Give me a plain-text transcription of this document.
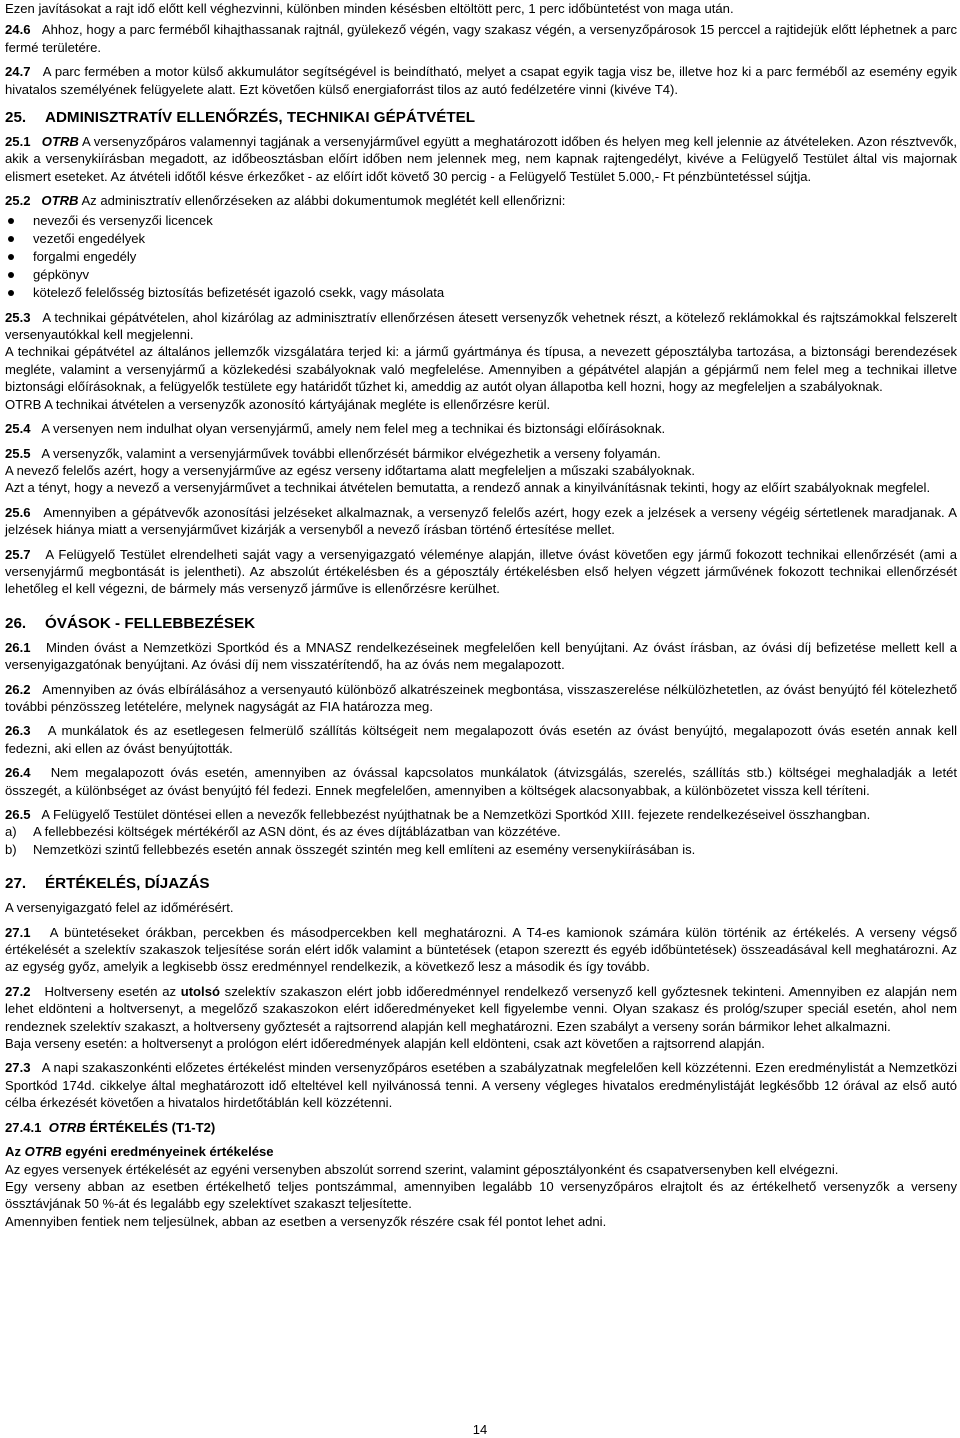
Ezen javításokat a rajt idő előtt kell véghezvinni, különben minden késésben eltöltött perc, 1 perc időbüntetést von maga után.

24.6 Ahhoz, hogy a parc ferméből kihajthassanak rajtnál, gyülekező végén, vagy szakasz végén, a versenyzőpárosok 15 perccel a rajtidejük előtt léphetnek a parc fermé területére.

24.7 A parc fermében a motor külső akkumulátor segítségével is beindítható, melyet a csapat egyik tagja visz be, illetve hoz ki a parc ferméből az esemény egyik hivatalos személyének felügyelete alatt. Ezt követően külső energiaforrást tilos az autó fedélzetére vinni (kivéve T4).

25. ADMINISZTRATÍV ELLENŐRZÉS, TECHNIKAI GÉPÁTVÉTEL

25.1 OTRB A versenyzőpáros valamennyi tagjának a versenyjárművel együtt a meghatározott időben és helyen meg kell jelennie az átvételeken. Azon résztvevők, akik a versenykiírásban megadott, az időbeosztásban előírt időben nem jelennek meg, nem kapnak rajtengedélyt, kivéve a Felügyelő Testület által vis majornak elismert eseteket. Az átvételi időtől késve érkezőket - az előírt időt követő 30 percig - a Felügyelő Testület 5.000,- Ft pénzbüntetéssel sújtja.

25.2 OTRB Az adminisztratív ellenőrzéseken az alábbi dokumentumok meglétét kell ellenőrizni:

nevezői és versenyzői licencek
vezetői engedélyek
forgalmi engedély
gépkönyv
kötelező felelősség biztosítás befizetését igazoló csekk, vagy másolata

25.3 A technikai gépátvételen, ahol kizárólag az adminisztratív ellenőrzésen átesett versenyzők vehetnek részt, a kötelező reklámokkal és rajtszámokkal felszerelt versenyautókkal kell megjelenni.

A technikai gépátvétel az általános jellemzők vizsgálatára terjed ki: a jármű gyártmánya és típusa, a nevezett géposztályba tartozása, a biztonsági berendezések megléte, valamint a versenyjármű a közlekedési szabályoknak való megfelelése. Amennyiben a gépátvétel alapján a gépjármű nem felel meg a technikai illetve biztonsági előírásoknak, a felügyelők testülete egy határidőt tűzhet ki, ameddig az autót olyan állapotba kell hozni, hogy az megfeleljen a szabályoknak.

OTRB A technikai átvételen a versenyzők azonosító kártyájának megléte is ellenőrzésre kerül.

25.4 A versenyen nem indulhat olyan versenyjármű, amely nem felel meg a technikai és biztonsági előírásoknak.

25.5 A versenyzők, valamint a versenyjárművek további ellenőrzését bármikor elvégezhetik a verseny folyamán.

A nevező felelős azért, hogy a versenyjárműve az egész verseny időtartama alatt megfeleljen a műszaki szabályoknak.

Azt a tényt, hogy a nevező a versenyjárművet a technikai átvételen bemutatta, a rendező annak a kinyilvánításnak tekinti, hogy az előírt szabályoknak megfelel.

25.6 Amennyiben a gépátvevők azonosítási jelzéseket alkalmaznak, a versenyző felelős azért, hogy ezek a jelzések a verseny végéig sértetlenek maradjanak. A jelzések hiánya miatt a versenyjárművet kizárják a versenyből a nevező írásban történő értesítése mellet.

25.7 A Felügyelő Testület elrendelheti saját vagy a versenyigazgató véleménye alapján, illetve óvást követően egy jármű fokozott technikai ellenőrzését (ami a versenyjármű megbontását is jelentheti). Az abszolút értékelésben és a géposztály értékelésben első helyen végzett járművének fokozott technikai ellenőrzését lehetőleg el kell végezni, de bármely más versenyző járműve is ellenőrzésre kerülhet.

26. ÓVÁSOK - FELLEBBEZÉSEK

26.1 Minden óvást a Nemzetközi Sportkód és a MNASZ rendelkezéseinek megfelelően kell benyújtani. Az óvást írásban, az óvási díj befizetése mellett kell a versenyigazgatónak benyújtani. Az óvási díj nem visszatérítendő, ha az óvás nem megalapozott.

26.2 Amennyiben az óvás elbírálásához a versenyautó különböző alkatrészeinek megbontása, visszaszerelése nélkülözhetetlen, az óvást benyújtó fél kötelezhető további pénzösszeg letételére, melynek nagyságát az FIA határozza meg.

26.3 A munkálatok és az esetlegesen felmerülő szállítás költségeit nem megalapozott óvás esetén az óvást benyújtó, megalapozott óvás esetén annak kell fedezni, aki ellen az óvást benyújtották.

26.4 Nem megalapozott óvás esetén, amennyiben az óvással kapcsolatos munkálatok (átvizsgálás, szerelés, szállítás stb.) költségei meghaladják a letét összegét, a különbséget az óvást benyújtó fél fedezi. Ennek megfelelően, amennyiben a költségek alacsonyabbak, a különbözetet vissza kell téríteni.

26.5 A Felügyelő Testület döntései ellen a nevezők fellebbezést nyújthatnak be a Nemzetközi Sportkód XIII. fejezete rendelkezéseivel összhangban.

a) A fellebbezési költségek mértékéről az ASN dönt, és az éves díjtáblázatban van közzétéve.

b) Nemzetközi szintű fellebbezés esetén annak összegét szintén meg kell említeni az esemény versenykiírásában is.

27. ÉRTÉKELÉS, DÍJAZÁS

A versenyigazgató felel az időmérésért.

27.1 A büntetéseket órákban, percekben és másodpercekben kell meghatározni. A T4-es kamionok számára külön történik az értékelés. A verseny végső értékelését a szelektív szakaszok teljesítése során elért idők valamint a büntetések (etapon szereztt és egyéb időbüntetések) összeadásával kell meghatározni. Az az egység győz, amelyik a legkisebb össz eredménnyel rendelkezik, a következő lesz a második és így tovább.

27.2 Holtverseny esetén az utolsó szelektív szakaszon elért jobb időeredménnyel rendelkező versenyző kell győztesnek tekinteni. Amennyiben ez alapján nem lehet eldönteni a holtversenyt, a megelőző szakaszokon elért időeredményeket kell figyelembe venni. Olyan szakasz és prológ/szuper speciál esetén, ahol nem rendeznek szelektív szakaszt, a holtverseny győztesét a rajtsorrend alapján kell meghatározni. Ezen szabályt a verseny során bármikor lehet alkalmazni.

Baja verseny esetén: a holtversenyt a prológon elért időeredmények alapján kell eldönteni, csak azt követően a rajtsorrend alapján.

27.3 A napi szakaszonkénti előzetes értékelést minden versenyzőpáros esetében a szabályzatnak megfelelően kell közzétenni. Ezen eredménylistát a Nemzetközi Sportkód 174d. cikkelye által meghatározott idő elteltével kell nyilvánossá tenni. A verseny végleges hivatalos eredménylistáját legkésőbb 12 órával az első autó célba érkezését követően a hivatalos hirdetőtáblán kell közzétenni.

27.4.1 OTRB ÉRTÉKELÉS (T1-T2)

Az OTRB egyéni eredményeinek értékelése

Az egyes versenyek értékelését az egyéni versenyben abszolút sorrend szerint, valamint géposztályonként és csapatversenyben kell elvégezni.

Egy verseny abban az esetben értékelhető teljes pontszámmal, amennyiben legalább 10 versenyzőpáros elrajtolt és az értékelhető versenyzők a verseny össztávjának 50 %-át és legalább egy szelektívet szakaszt teljesítette.

Amennyiben fentiek nem teljesülnek, abban az esetben a versenyzők részére csak fél pontot lehet adni.

14
